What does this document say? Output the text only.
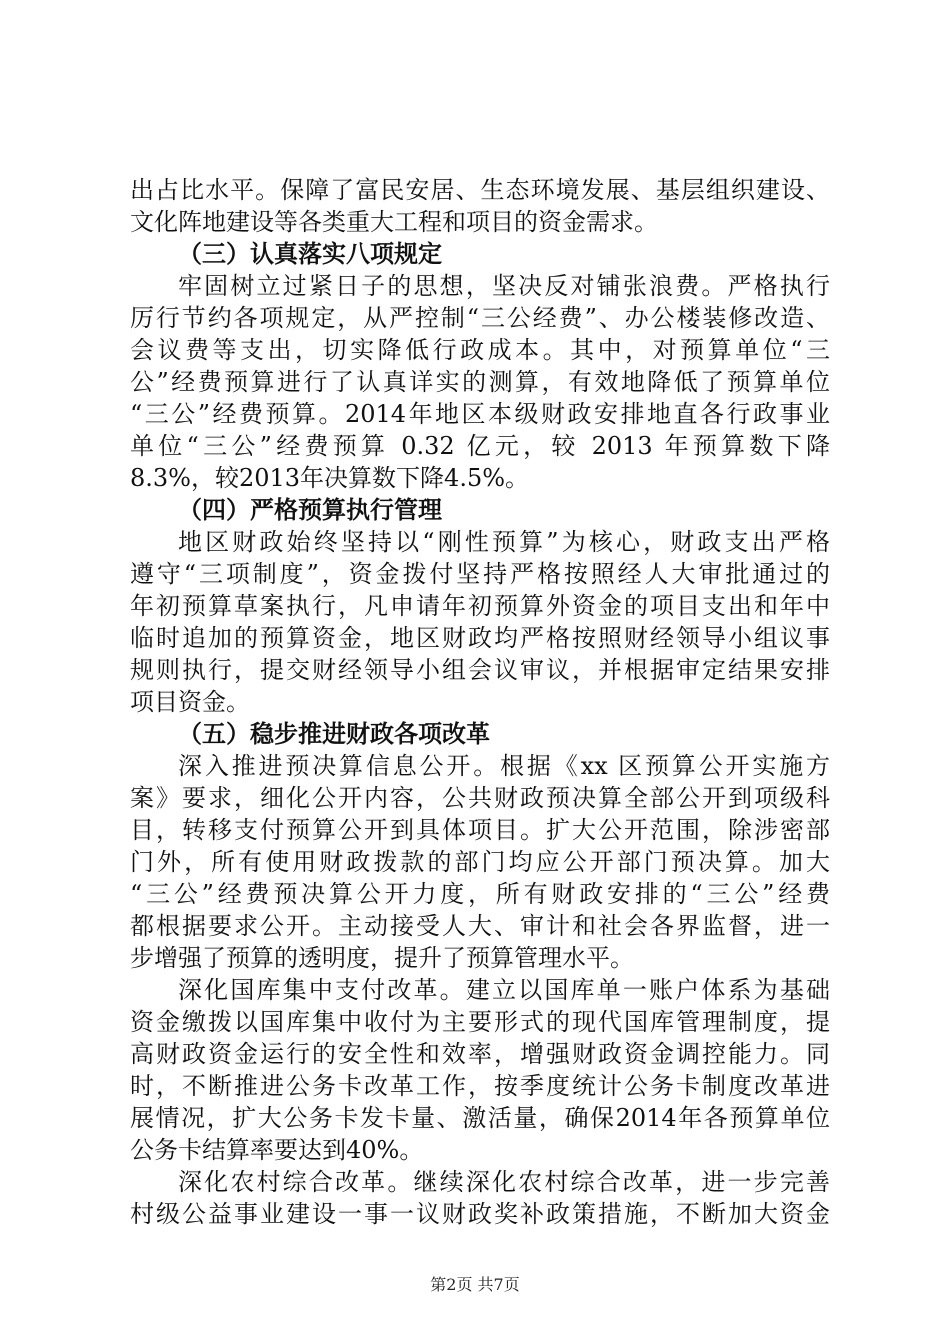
出占比水平。保障了富民安居、生态环境发展、基层组织建设、
文化阵地建设等各类重大工程和项目的资金需求。
（三）认真落实八项规定
牢固树立过紧日子的思想，坚决反对铺张浪费。严格执行
厉行节约各项规定，从严控制“三公经费”、办公楼装修改造、
会议费等支出，切实降低行政成本。其中，对预算单位“三
公”经费预算进行了认真详实的测算，有效地降低了预算单位
“三公”经费预算。2014年地区本级财政安排地直各行政事业
单位“三公”经费预算 0.32 亿元，较 2013 年预算数下降
8.3%，较2013年决算数下降4.5%。
（四）严格预算执行管理
地区财政始终坚持以“刚性预算”为核心，财政支出严格
遵守“三项制度”，资金拨付坚持严格按照经人大审批通过的
年初预算草案执行，凡申请年初预算外资金的项目支出和年中
临时追加的预算资金，地区财政均严格按照财经领导小组议事
规则执行，提交财经领导小组会议审议，并根据审定结果安排
项目资金。
（五）稳步推进财政各项改革
深入推进预决算信息公开。根据《xx 区预算公开实施方
案》要求，细化公开内容，公共财政预决算全部公开到项级科
目，转移支付预算公开到具体项目。扩大公开范围，除涉密部
门外，所有使用财政拨款的部门均应公开部门预决算。加大
“三公”经费预决算公开力度，所有财政安排的“三公”经费
都根据要求公开。主动接受人大、审计和社会各界监督，进一
步增强了预算的透明度，提升了预算管理水平。
深化国库集中支付改革。建立以国库单一账户体系为基础
资金缴拨以国库集中收付为主要形式的现代国库管理制度，提
高财政资金运行的安全性和效率，增强财政资金调控能力。同
时，不断推进公务卡改革工作，按季度统计公务卡制度改革进
展情况，扩大公务卡发卡量、激活量，确保2014年各预算单位
公务卡结算率要达到40%。
深化农村综合改革。继续深化农村综合改革，进一步完善
村级公益事业建设一事一议财政奖补政策措施，不断加大资金
第2页 共7页
